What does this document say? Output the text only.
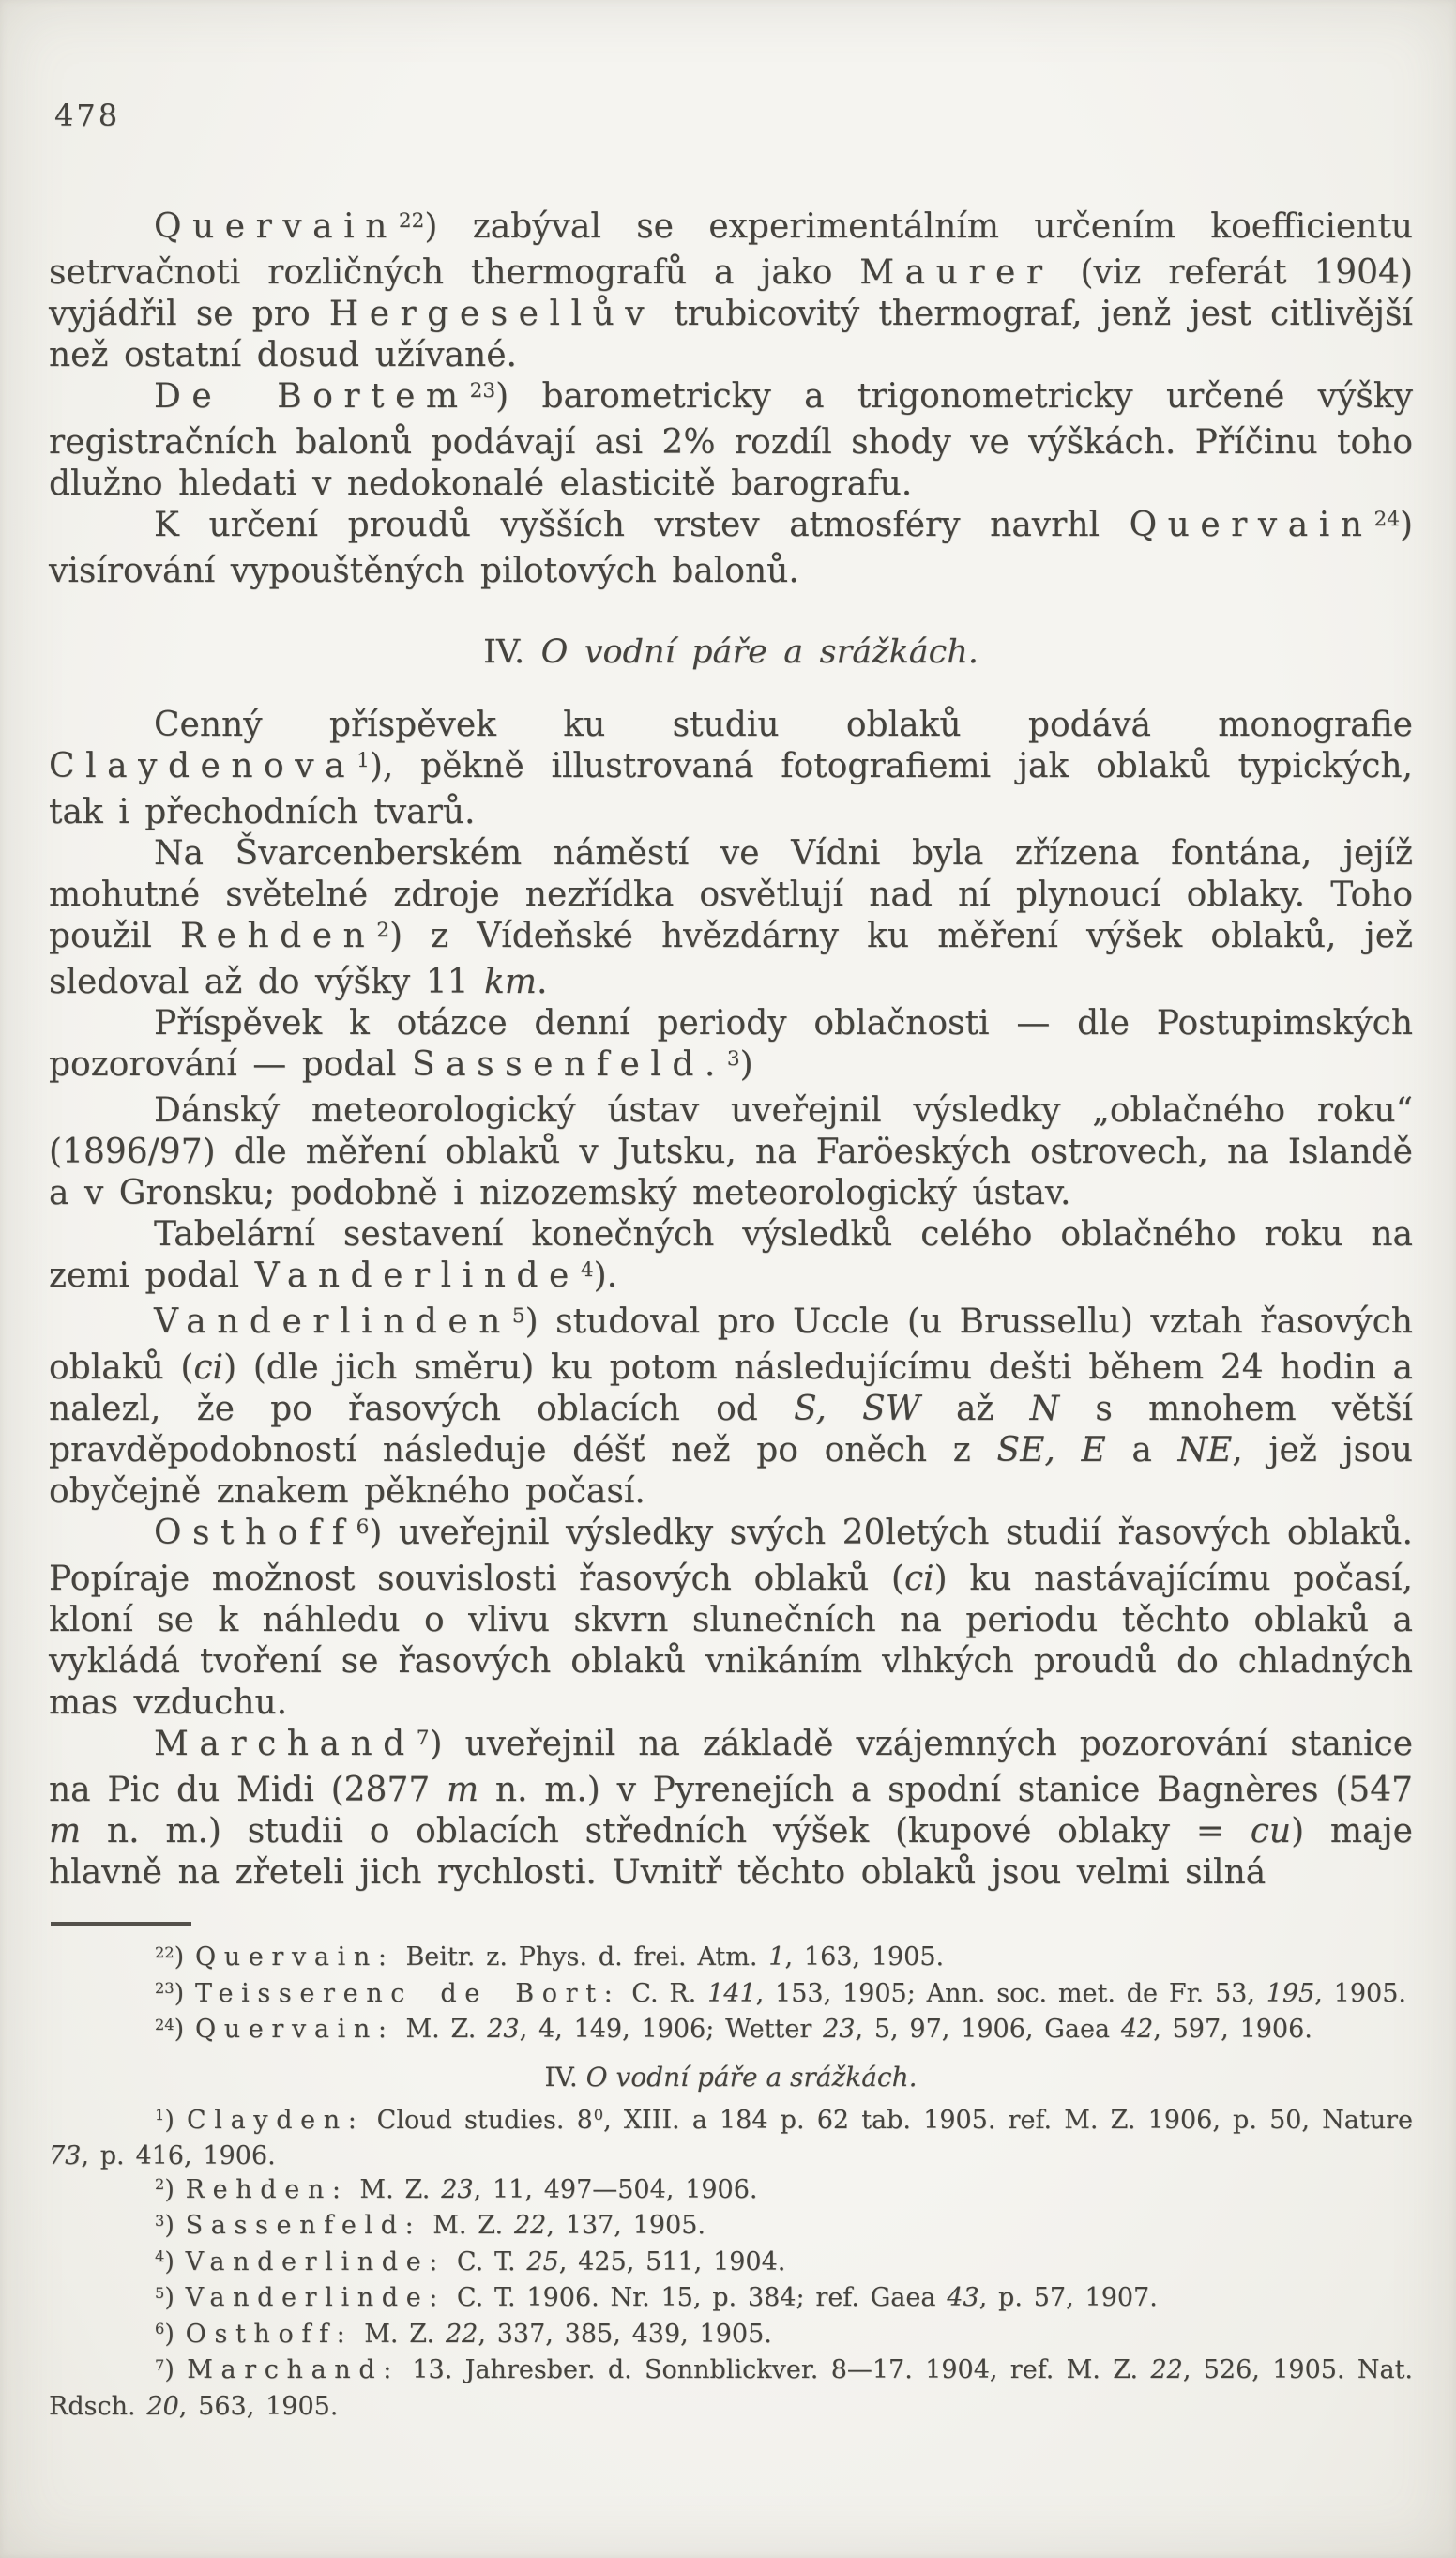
478

Quervain$^{22}$) zabýval se experimentálním určením koefficientu setrvačnoti rozličných thermografů a jako Maurer (viz referát 1904) vyjádřil se pro Hergesellův trubicovitý thermograf, jenž jest citlivější než ostatní dosud užívané.

De Bortem$^{23}$) barometricky a trigonometricky určené výšky registračních balonů podávají asi 2% rozdíl shody ve výškách. Příčinu toho dlužno hledati v nedokonalé elasticitě barografu.

K určení proudů vyšších vrstev atmosféry navrhl Quervain$^{24}$) visírování vypouštěných pilotových balonů.

IV. O vodní páře a srážkách.

Cenný příspěvek ku studiu oblaků podává monografie Claydenova$^1$), pěkně illustrovaná fotografiemi jak oblaků typických, tak i přechodních tvarů.

Na Švarcenberském náměstí ve Vídni byla zřízena fontána, jejíž mohutné světelné zdroje nezřídka osvětlují nad ní plynoucí oblaky. Toho použil Rehden$^2$) z Vídeňské hvězdárny ku měření výšek oblaků, jež sledoval až do výšky 11 km.

Příspěvek k otázce denní periody oblačnosti — dle Postupimských pozorování — podal Sassenfeld.$^3$)

Dánský meteorologický ústav uveřejnil výsledky „oblačného roku“ (1896/97) dle měření oblaků v Jutsku, na Faröeských ostrovech, na Islandě a v Gronsku; podobně i nizozemský meteorologický ústav.

Tabelární sestavení konečných výsledků celého oblačného roku na zemi podal Vanderlinde$^4$).

Vanderlinden$^5$) studoval pro Uccle (u Brussellu) vztah řasových oblaků (ci) (dle jich směru) ku potom následujícímu dešti během 24 hodin a nalezl, že po řasových oblacích od S, SW až N s mnohem větší pravděpodobností následuje déšť než po oněch z SE, E a NE, jež jsou obyčejně znakem pěkného počasí.

Osthoff$^6$) uveřejnil výsledky svých 20letých studií řasových oblaků. Popíraje možnost souvislosti řasových oblaků (ci) ku nastávajícímu počasí, kloní se k náhledu o vlivu skvrn slunečních na periodu těchto oblaků a vykládá tvoření se řasových oblaků vnikáním vlhkých proudů do chladných mas vzduchu.

Marchand$^7$) uveřejnil na základě vzájemných pozorování stanice na Pic du Midi (2877 m n. m.) v Pyrenejích a spodní stanice Bagnères (547 m n. m.) studii o oblacích středních výšek (kupové oblaky = cu) maje hlavně na zřeteli jich rychlosti. Uvnitř těchto oblaků jsou velmi silná

$^{22}$) Quervain: Beitr. z. Phys. d. frei. Atm. 1, 163, 1905.

$^{23}$) Teisserenc de Bort: C. R. 141, 153, 1905; Ann. soc. met. de Fr. 53, 195, 1905.

$^{24}$) Quervain: M. Z. 23, 4, 149, 1906; Wetter 23, 5, 97, 1906, Gaea 42, 597, 1906.

IV. O vodní páře a srážkách.

$^1$) Clayden: Cloud studies. $8^0$, XIII. a 184 p. 62 tab. 1905. ref. M. Z. 1906, p. 50, Nature 73, p. 416, 1906.

$^2$) Rehden: M. Z. 23, 11, 497—504, 1906.

$^3$) Sassenfeld: M. Z. 22, 137, 1905.

$^4$) Vanderlinde: C. T. 25, 425, 511, 1904.

$^5$) Vanderlinde: C. T. 1906. Nr. 15, p. 384; ref. Gaea 43, p. 57, 1907.

$^6$) Osthoff: M. Z. 22, 337, 385, 439, 1905.

$^7$) Marchand: 13. Jahresber. d. Sonnblickver. 8—17. 1904, ref. M. Z. 22, 526, 1905. Nat. Rdsch. 20, 563, 1905.
